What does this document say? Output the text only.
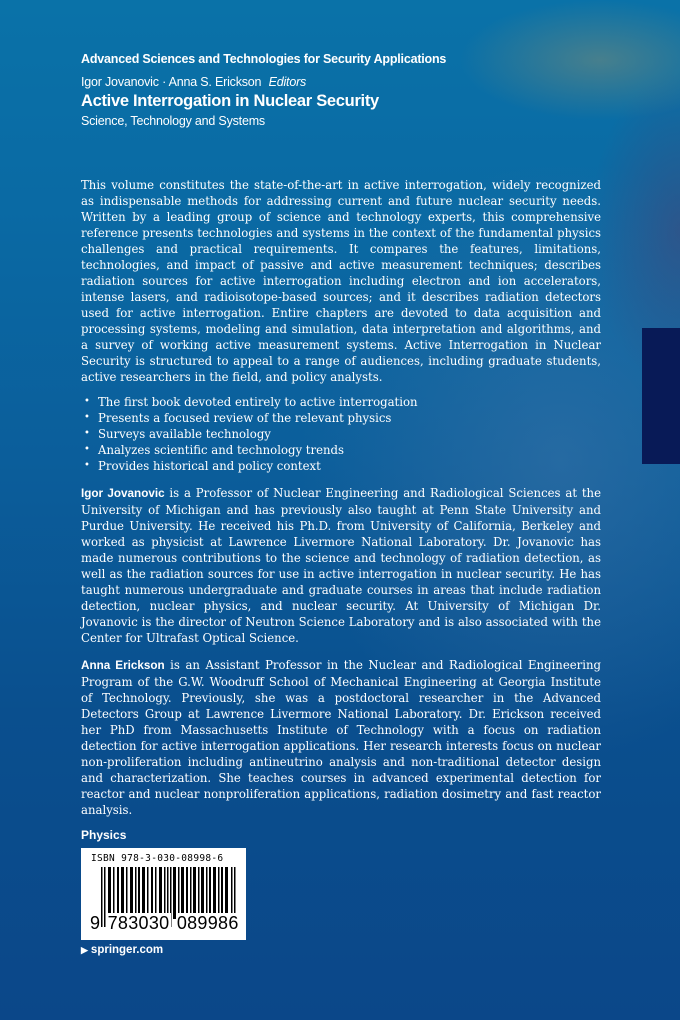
Advanced Sciences and Technologies for Security Applications
Igor Jovanovic · Anna S. Erickson Editors
Active Interrogation in Nuclear Security
Science, Technology and Systems
This volume constitutes the state-of-the-art in active interrogation, widely recognized as indispensable methods for addressing current and future nuclear security needs. Written by a leading group of science and technology experts, this comprehensive reference presents technologies and systems in the context of the fundamental physics challenges and practical requirements. It compares the features, limitations, technologies, and impact of passive and active measurement techniques; describes radiation sources for active interrogation including electron and ion accelerators, intense lasers, and radioisotope-based sources; and it describes radiation detectors used for active interrogation. Entire chapters are devoted to data acquisition and processing systems, modeling and simulation, data interpretation and algorithms, and a survey of working active measurement systems. Active Interrogation in Nuclear Security is structured to appeal to a range of audiences, including graduate students, active researchers in the field, and policy analysts.
• The first book devoted entirely to active interrogation
• Presents a focused review of the relevant physics
• Surveys available technology
• Analyzes scientific and technology trends
• Provides historical and policy context
Igor Jovanovic is a Professor of Nuclear Engineering and Radiological Sciences at the University of Michigan and has previously also taught at Penn State University and Purdue University. He received his Ph.D. from University of California, Berkeley and worked as physicist at Lawrence Livermore National Laboratory. Dr. Jovanovic has made numerous contributions to the science and technology of radiation detection, as well as the radiation sources for use in active interrogation in nuclear security. He has taught numerous undergraduate and graduate courses in areas that include radiation detection, nuclear physics, and nuclear security. At University of Michigan Dr. Jovanovic is the director of Neutron Science Laboratory and is also associated with the Center for Ultrafast Optical Science.
Anna Erickson is an Assistant Professor in the Nuclear and Radiological Engineering Program of the G.W. Woodruff School of Mechanical Engineering at Georgia Institute of Technology. Previously, she was a postdoctoral researcher in the Advanced Detectors Group at Lawrence Livermore National Laboratory. Dr. Erickson received her PhD from Massachusetts Institute of Technology with a focus on radiation detection for active interrogation applications. Her research interests focus on nuclear non-proliferation including antineutrino analysis and non-traditional detector design and characterization. She teaches courses in advanced experimental detection for reactor and nuclear nonproliferation applications, radiation dosimetry and fast reactor analysis.
Physics
ISBN 978-3-030-08998-6
9 783030 089986
▶ springer.com
